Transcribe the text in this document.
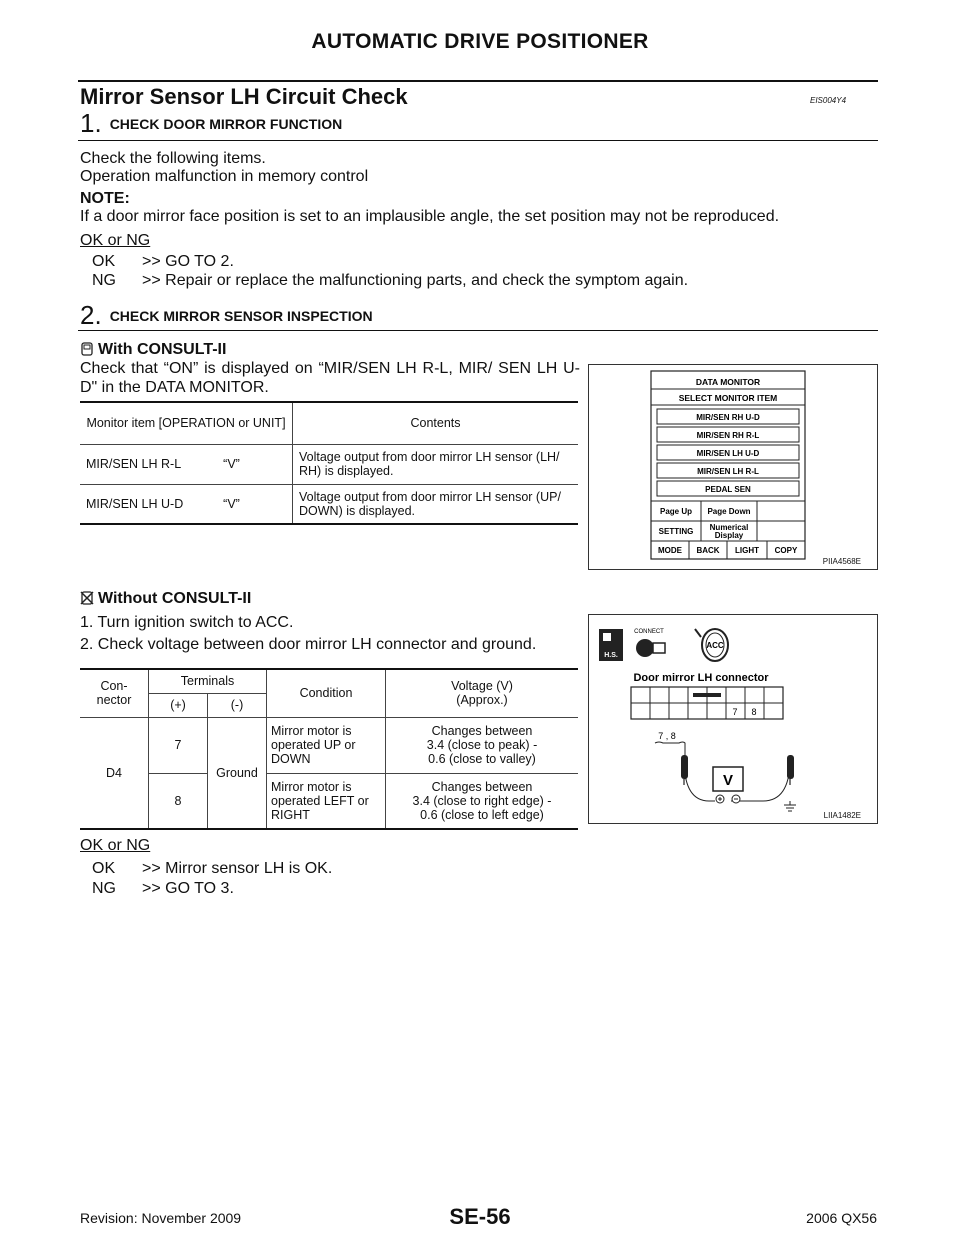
AUTOMATIC DRIVE POSITIONER
Mirror Sensor LH Circuit Check	EIS004Y4
1. CHECK DOOR MIRROR FUNCTION
Check the following items.
Operation malfunction in memory control
NOTE:
If a door mirror face position is set to an implausible angle, the set position may not be reproduced.
OK or NG
OK >> GO TO 2.
NG >> Repair or replace the malfunctioning parts, and check the symptom again.
2. CHECK MIRROR SENSOR INSPECTION
With CONSULT-II
Check that “ON” is displayed on “MIR/SEN LH R-L, MIR/ SEN LH U-D" in the DATA MONITOR.
Monitor item [OPERATION or UNIT]		Contents
MIR/SEN LH R-L	“V”	Voltage output from door mirror LH sensor (LH/ RH) is displayed.
MIR/SEN LH U-D	“V”	Voltage output from door mirror LH sensor (UP/ DOWN) is displayed.
DATA MONITOR
SELECT MONITOR ITEM
MIR/SEN RH U-D
MIR/SEN RH R-L
MIR/SEN LH U-D
MIR/SEN LH R-L
PEDAL SEN
Page Up Page Down
SETTING Numerical
Display
MODE BACK LIGHT COPY
PIIA4568E
Without CONSULT-II
1. Turn ignition switch to ACC.
2. Check voltage between door mirror LH connector and ground.
Con-
nector	Terminals		Condition	Voltage (V)
(Approx.)
	(+)	(-)		
D4	7	Ground	Mirror motor is operated UP or DOWN	Changes between
3.4 (close to peak) -
0.6 (close to valley)
	8		Mirror motor is operated LEFT or RIGHT	Changes between
3.4 (close to right edge) -
0.6 (close to left edge)
H.S.
CONNECT
ACC
Door mirror LH connector
7 8
7 , 8
V
LIIA1482E
OK or NG
OK >> Mirror sensor LH is OK.
NG >> GO TO 3.
Revision: November 2009	SE-56	2006 QX56
